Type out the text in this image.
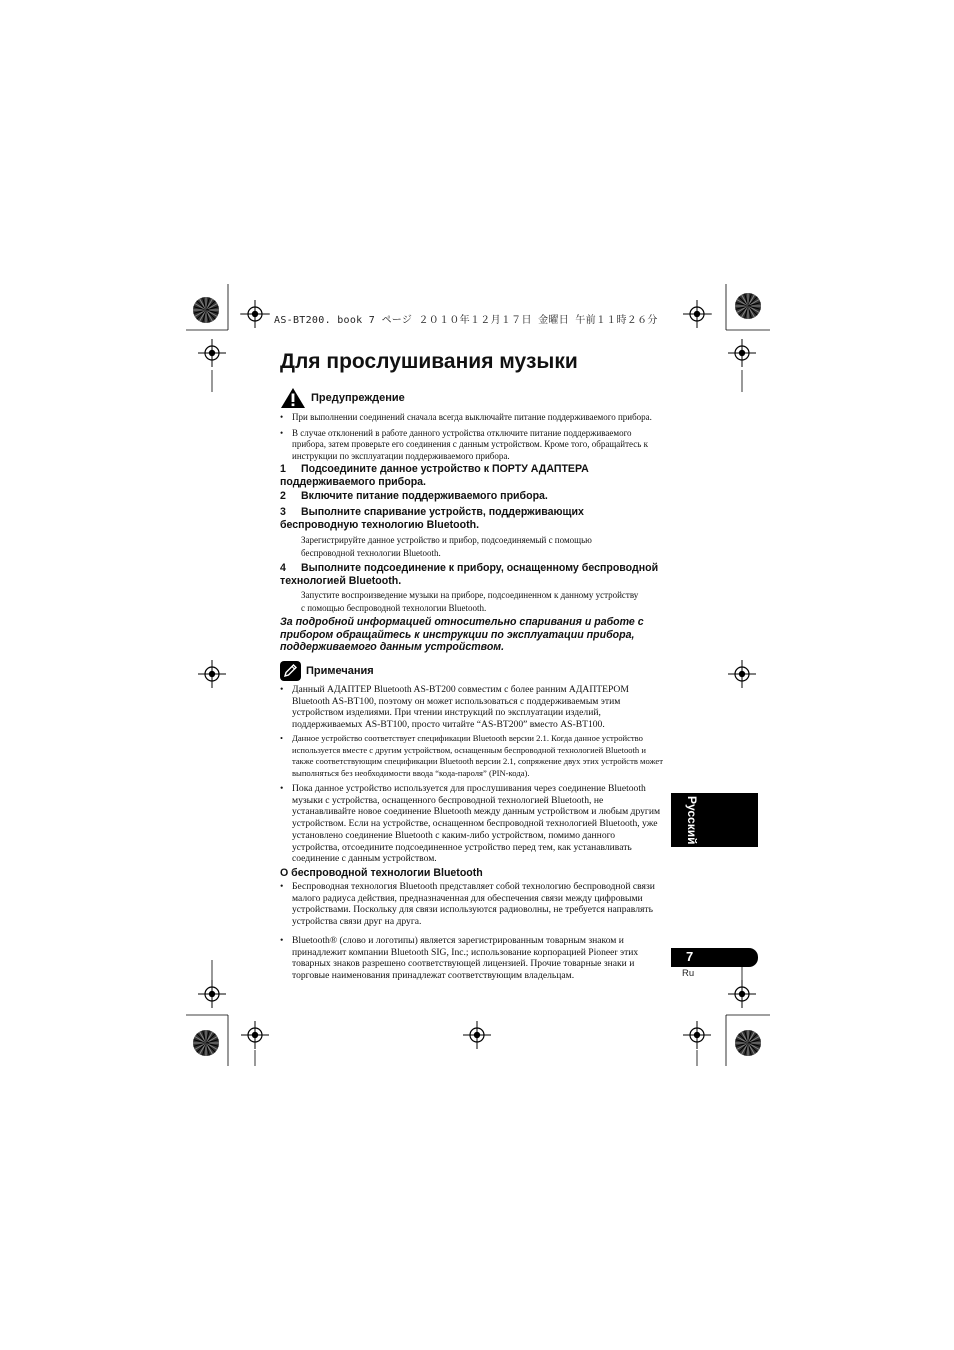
AS-BT200. book 7 ページ ２０１０年１２月１７日 金曜日 午前１１時２６分
Для прослушивания музыки
Предупреждение
• При выполнении соединений сначала всегда выключайте питание поддерживаемого прибора.
• В случае отклонений в работе данного устройства отключите питание поддерживаемого прибора, затем проверьте его соединения с данным устройством. Кроме того, обращайтесь к инструкции по эксплуатации поддерживаемого прибора.
1 Подсоедините данное устройство к ПОРТУ АДАПТЕРА поддерживаемого прибора.
2 Включите питание поддерживаемого прибора.
3 Выполните спаривание устройств, поддерживающих беспроводную технологию Bluetooth.
Зарегистрируйте данное устройство и прибор, подсоединяемый с помощью беспроводной технологии Bluetooth.
4 Выполните подсоединение к прибору, оснащенному беспроводной технологией Bluetooth.
Запустите воспроизведение музыки на приборе, подсоединенном к данному устройству с помощью беспроводной технологии Bluetooth.
За подробной информацией относительно спаривания и работе с прибором обращайтесь к инструкции по эксплуатации прибора, поддерживаемого данным устройством.
Примечания
• Данный АДАПТЕР Bluetooth AS-BT200 совместим с более ранним АДАПТЕРОМ Bluetooth AS-BT100, поэтому он может использоваться с поддерживаемым этим устройством изделиями. При чтении инструкций по эксплуатации изделий, поддерживаемых AS-BT100, просто читайте “AS-BT200” вместо AS-BT100.
• Данное устройство соответствует спецификации Bluetooth версии 2.1. Когда данное устройство используется вместе с другим устройством, оснащенным беспроводной технологией Bluetooth и также соответствующим спецификации Bluetooth версии 2.1, сопряжение двух этих устройств может выполняться без необходимости ввода “кода-пароля” (PIN-кода).
• Пока данное устройство используется для прослушивания через соединение Bluetooth музыки с устройства, оснащенного беспроводной технологией Bluetooth, не устанавливайте новое соединение Bluetooth между данным устройством и любым другим устройством. Если на устройстве, оснащенном беспроводной технологией Bluetooth, уже установлено соединение Bluetooth с каким-либо устройством, помимо данного устройства, отсоедините подсоединенное устройство перед тем, как устанавливать соединение с данным устройством.
О беспроводной технологии Bluetooth
• Беспроводная технология Bluetooth представляет собой технологию беспроводной связи малого радиуса действия, предназначенная для обеспечения связи между цифровыми устройствами. Поскольку для связи используются радиоволны, не требуется направлять устройства связи друг на друга.
• Bluetooth® (слово и логотипы) является зарегистрированным товарным знаком и принадлежит компании Bluetooth SIG, Inc.; использование корпорацией Pioneer этих товарных знаков разрешено соответствующей лицензией. Прочие товарные знаки и торговые наименования принадлежат соответствующим владельцам.
Русский
7
Ru
